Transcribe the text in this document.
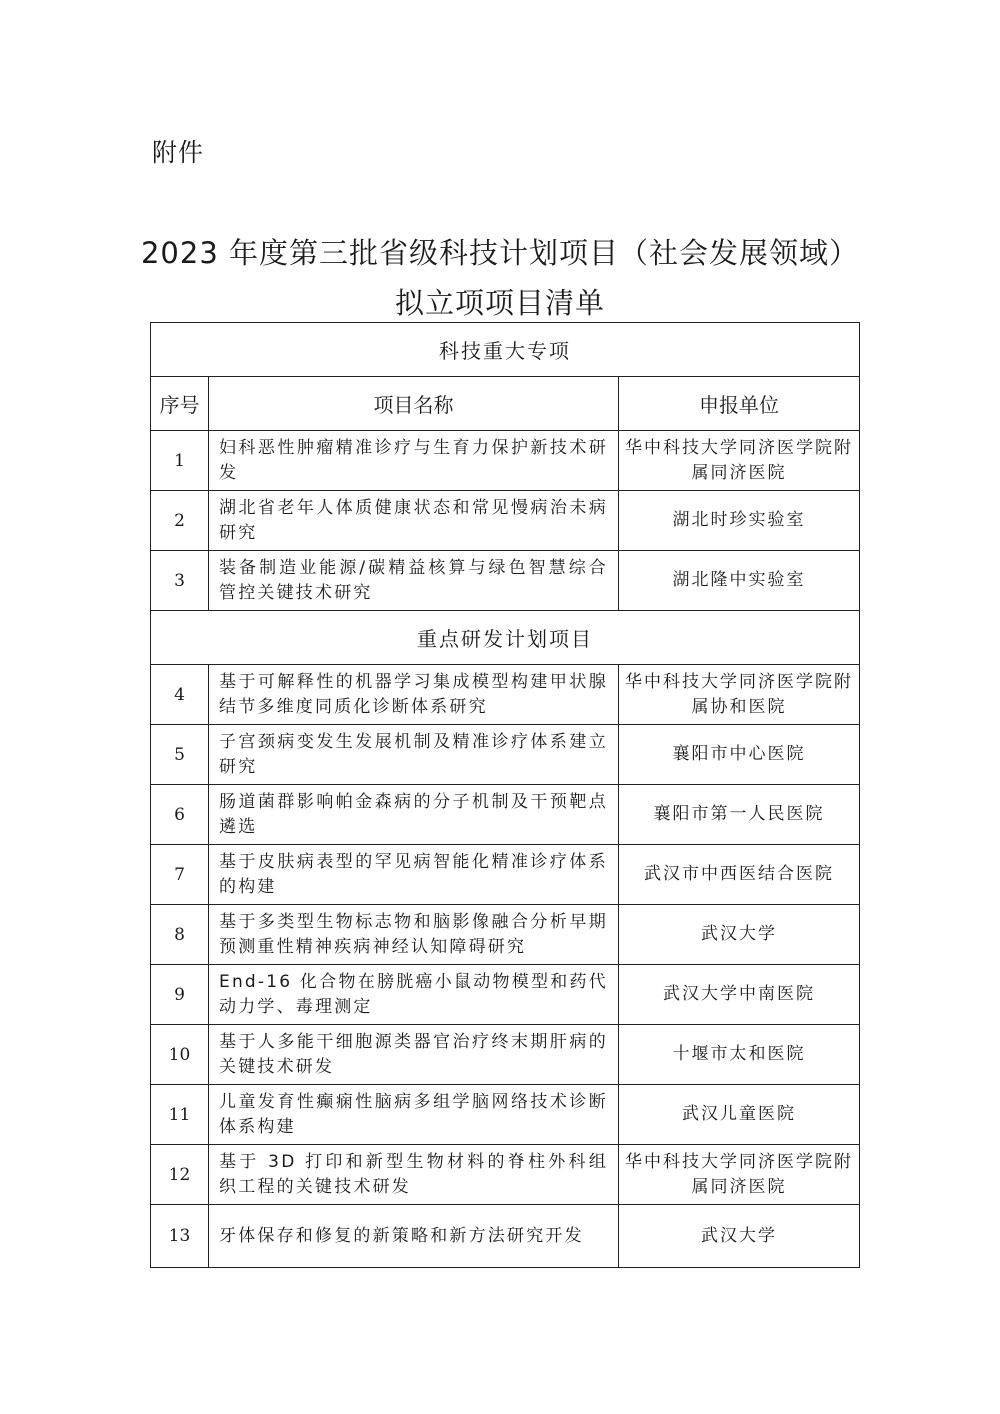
附件
2023 年度第三批省级科技计划项目（社会发展领域）
拟立项项目清单
科技重大专项		
序号	项目名称	申报单位
1	妇科恶性肿瘤精准诊疗与生育力保护新技术研发	华中科技大学同济医学院附属同济医院
2	湖北省老年人体质健康状态和常见慢病治未病研究	湖北时珍实验室
3	装备制造业能源/碳精益核算与绿色智慧综合管控关键技术研究	湖北隆中实验室
重点研发计划项目		
4	基于可解释性的机器学习集成模型构建甲状腺结节多维度同质化诊断体系研究	华中科技大学同济医学院附属协和医院
5	子宫颈病变发生发展机制及精准诊疗体系建立研究	襄阳市中心医院
6	肠道菌群影响帕金森病的分子机制及干预靶点遴选	襄阳市第一人民医院
7	基于皮肤病表型的罕见病智能化精准诊疗体系的构建	武汉市中西医结合医院
8	基于多类型生物标志物和脑影像融合分析早期预测重性精神疾病神经认知障碍研究	武汉大学
9	End-16 化合物在膀胱癌小鼠动物模型和药代动力学、毒理测定	武汉大学中南医院
10	基于人多能干细胞源类器官治疗终末期肝病的关键技术研发	十堰市太和医院
11	儿童发育性癫痫性脑病多组学脑网络技术诊断体系构建	武汉儿童医院
12	基于 3D 打印和新型生物材料的脊柱外科组织工程的关键技术研发	华中科技大学同济医学院附属同济医院
13	牙体保存和修复的新策略和新方法研究开发	武汉大学
